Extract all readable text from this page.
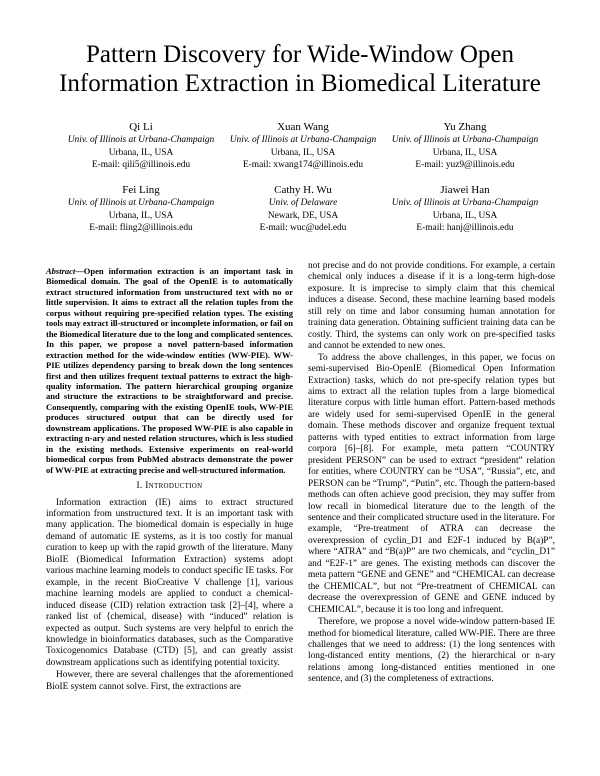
Pattern Discovery for Wide-Window Open
Information Extraction in Biomedical Literature
Qi Li
Univ. of Illinois at Urbana-Champaign
Urbana, IL, USA
E-mail: qili5@illinois.edu
Xuan Wang
Univ. of Illinois at Urbana-Champaign
Urbana, IL, USA
E-mail: xwang174@illinois.edu
Yu Zhang
Univ. of Illinois at Urbana-Champaign
Urbana, IL, USA
E-mail: yuz9@illinois.edu
Fei Ling
Univ. of Illinois at Urbana-Champaign
Urbana, IL, USA
E-mail: fling2@illinois.edu
Cathy H. Wu
Univ. of Delaware
Newark, DE, USA
E-mail: wuc@udel.edu
Jiawei Han
Univ. of Illinois at Urbana-Champaign
Urbana, IL, USA
E-mail: hanj@illinois.edu
Abstract—Open information extraction is an important task in Biomedical domain. The goal of the OpenIE is to automatically extract structured information from unstructured text with no or little supervision. It aims to extract all the relation tuples from the corpus without requiring pre-specified relation types. The existing tools may extract ill-structured or incomplete information, or fail on the Biomedical literature due to the long and complicated sentences. In this paper, we propose a novel pattern-based information extraction method for the wide-window entities (WW-PIE). WW-PIE utilizes dependency parsing to break down the long sentences first and then utilizes frequent textual patterns to extract the high-quality information. The pattern hierarchical grouping organize and structure the extractions to be straightforward and precise. Consequently, comparing with the existing OpenIE tools, WW-PIE produces structured output that can be directly used for downstream applications. The proposed WW-PIE is also capable in extracting n-ary and nested relation structures, which is less studied in the existing methods. Extensive experiments on real-world biomedical corpus from PubMed abstracts demonstrate the power of WW-PIE at extracting precise and well-structured information.
I. Introduction

Information extraction (IE) aims to extract structured information from unstructured text. It is an important task with many application. The biomedical domain is especially in huge demand of automatic IE systems, as it is too costly for manual curation to keep up with the rapid growth of the literature. Many BioIE (Biomedical Information Extraction) systems adopt various machine learning models to conduct specific IE tasks. For example, in the recent BioCreative V challenge [1], various machine learning models are applied to conduct a chemical-induced disease (CID) relation extraction task [2]–[4], where a ranked list of ⟨chemical, disease⟩ with “induced” relation is expected as output. Such systems are very helpful to enrich the knowledge in bioinformatics databases, such as the Comparative Toxicogenomics Database (CTD) [5], and can greatly assist downstream applications such as identifying potential toxicity.

However, there are several challenges that the aforementioned BioIE system cannot solve. First, the extractions are

not precise and do not provide conditions. For example, a certain chemical only induces a disease if it is a long-term high-dose exposure. It is imprecise to simply claim that this chemical induces a disease. Second, these machine learning based models still rely on time and labor consuming human annotation for training data generation. Obtaining sufficient training data can be costly. Third, the systems can only work on pre-specified tasks and cannot be extended to new ones.

To address the above challenges, in this paper, we focus on semi-supervised Bio-OpenIE (Biomedical Open Information Extraction) tasks, which do not pre-specify relation types but aims to extract all the relation tuples from a large biomedical literature corpus with little human effort. Pattern-based methods are widely used for semi-supervised OpenIE in the general domain. These methods discover and organize frequent textual patterns with typed entities to extract information from large corpora [6]–[8]. For example, meta pattern “COUNTRY president PERSON” can be used to extract “president” relation for entities, where COUNTRY can be “USA”, “Russia”, etc, and PERSON can be “Trump”, “Putin”, etc. Though the pattern-based methods can often achieve good precision, they may suffer from low recall in biomedical literature due to the length of the sentence and their complicated structure used in the literature. For example, “Pre-treatment of ATRA can decrease the overexpression of cyclin_D1 and E2F-1 induced by B(a)P”, where “ATRA” and “B(a)P” are two chemicals, and “cyclin_D1” and “E2F-1” are genes. The existing methods can discover the meta pattern “GENE and GENE” and “CHEMICAL can decrease the CHEMICAL”, but not “Pre-treatment of CHEMICAL can decrease the overexpression of GENE and GENE induced by CHEMICAL”, because it is too long and infrequent.

Therefore, we propose a novel wide-window pattern-based IE method for biomedical literature, called WW-PIE. There are three challenges that we need to address: (1) the long sentences with long-distanced entity mentions, (2) the hierarchical or n-ary relations among long-distanced entities mentioned in one sentence, and (3) the completeness of extractions.
